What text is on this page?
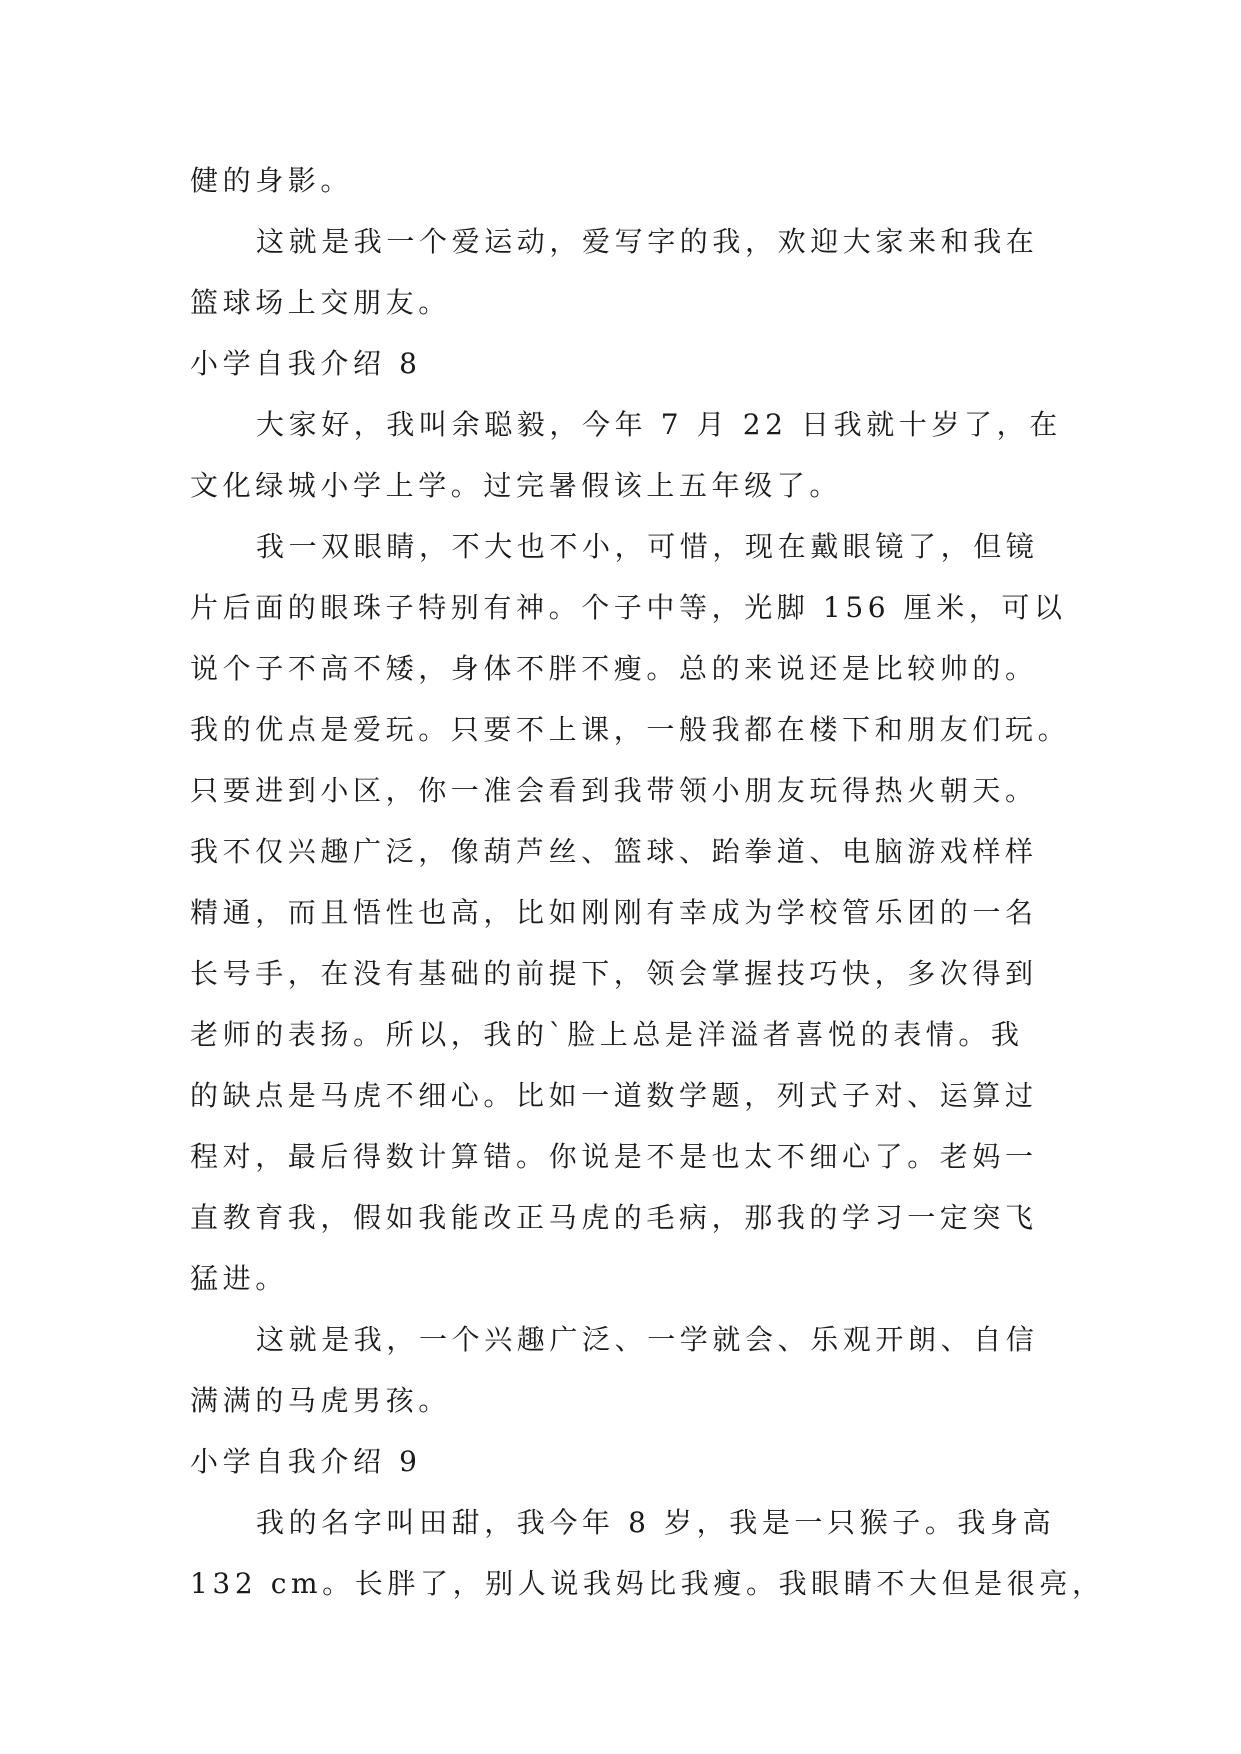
健的身影。
这就是我一个爱运动，爱写字的我，欢迎大家来和我在
篮球场上交朋友。
小学自我介绍 8
大家好，我叫余聪毅，今年 7 月 22 日我就十岁了，在
文化绿城小学上学。过完暑假该上五年级了。
我一双眼睛，不大也不小，可惜，现在戴眼镜了，但镜
片后面的眼珠子特别有神。个子中等，光脚 156 厘米，可以
说个子不高不矮，身体不胖不瘦。总的来说还是比较帅的。
我的优点是爱玩。只要不上课，一般我都在楼下和朋友们玩。
只要进到小区，你一准会看到我带领小朋友玩得热火朝天。
我不仅兴趣广泛，像葫芦丝、篮球、跆拳道、电脑游戏样样
精通，而且悟性也高，比如刚刚有幸成为学校管乐团的一名
长号手，在没有基础的前提下，领会掌握技巧快，多次得到
老师的表扬。所以，我的`脸上总是洋溢者喜悦的表情。我
的缺点是马虎不细心。比如一道数学题，列式子对、运算过
程对，最后得数计算错。你说是不是也太不细心了。老妈一
直教育我，假如我能改正马虎的毛病，那我的学习一定突飞
猛进。
这就是我，一个兴趣广泛、一学就会、乐观开朗、自信
满满的马虎男孩。
小学自我介绍 9
我的名字叫田甜，我今年 8 岁，我是一只猴子。我身高
132 cm。长胖了，别人说我妈比我瘦。我眼睛不大但是很亮，
